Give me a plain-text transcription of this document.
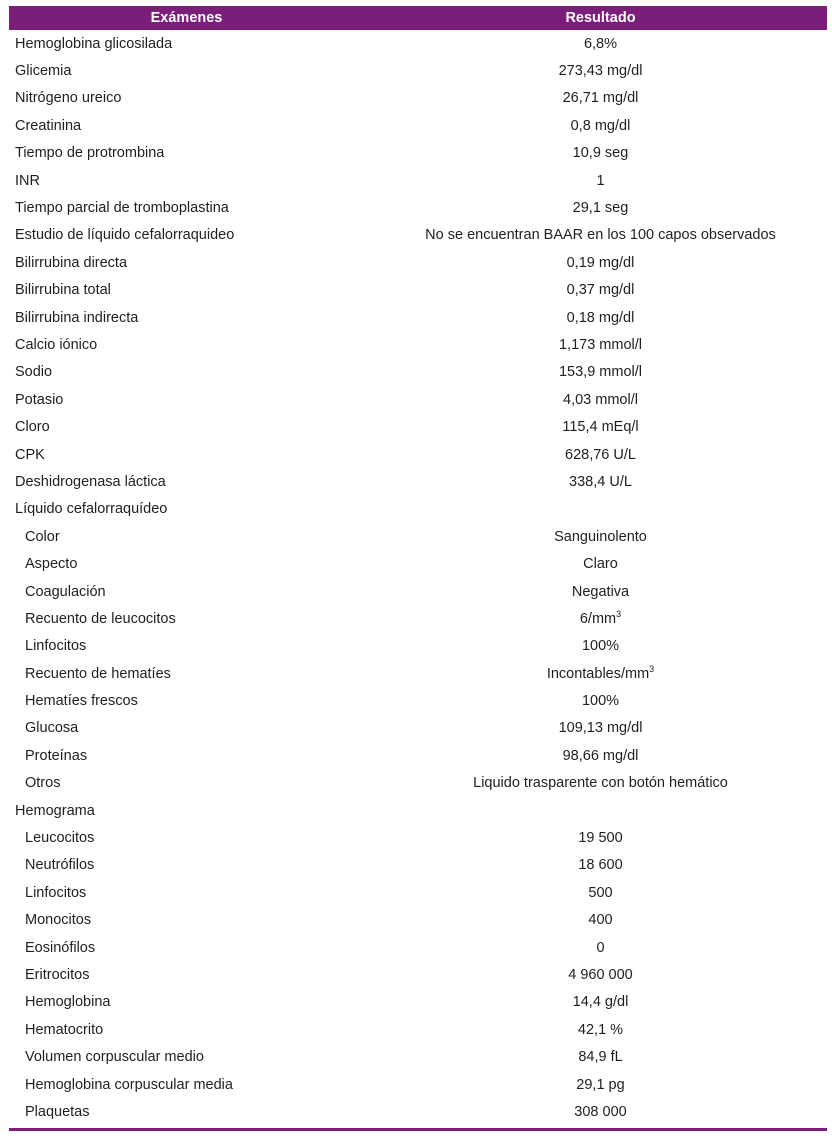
Exámenes	Resultado
Hemoglobina glicosilada	6,8%
Glicemia	273,43 mg/dl
Nitrógeno ureico	26,71 mg/dl
Creatinina	0,8 mg/dl
Tiempo de protrombina	10,9 seg
INR	1
Tiempo parcial de tromboplastina	29,1 seg
Estudio de líquido cefalorraquideo	No se encuentran BAAR en los 100 capos observados
Bilirrubina directa	0,19 mg/dl
Bilirrubina total	0,37 mg/dl
Bilirrubina indirecta	0,18 mg/dl
Calcio iónico	1,173 mmol/l
Sodio	153,9 mmol/l
Potasio	4,03 mmol/l
Cloro	115,4 mEq/l
CPK	628,76 U/L
Deshidrogenasa láctica	338,4 U/L
Líquido cefalorraquídeo
Color	Sanguinolento
Aspecto	Claro
Coagulación	Negativa
Recuento de leucocitos	$6/mm^3$
Linfocitos	100%
Recuento de hematíes	Incontables/$mm^3$
Hematíes frescos	100%
Glucosa	109,13 mg/dl
Proteínas	98,66 mg/dl
Otros	Liquido trasparente con botón hemático
Hemograma
Leucocitos	19 500
Neutrófilos	18 600
Linfocitos	500
Monocitos	400
Eosinófilos	0
Eritrocitos	4 960 000
Hemoglobina	14,4 g/dl
Hematocrito	42,1 %
Volumen corpuscular medio	84,9 fL
Hemoglobina corpuscular media	29,1 pg
Plaquetas	308 000
